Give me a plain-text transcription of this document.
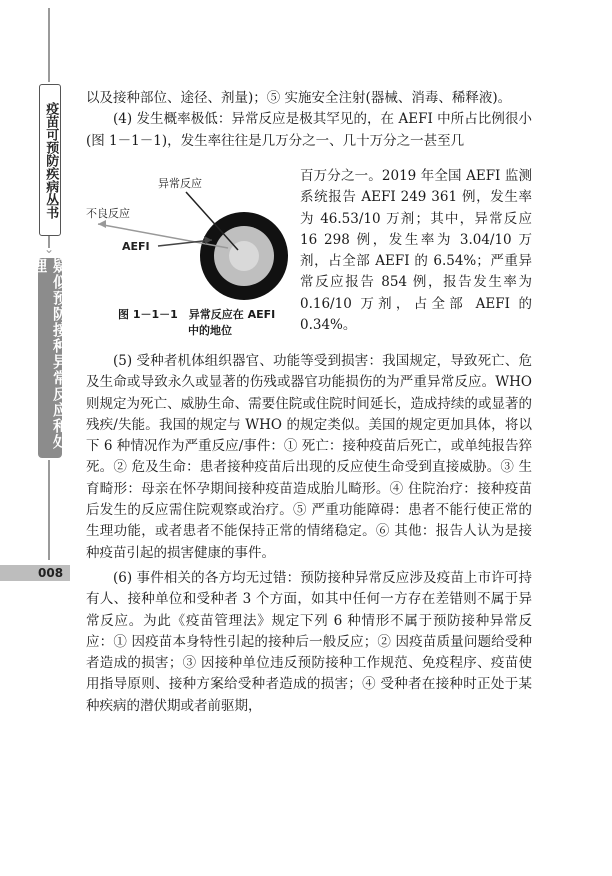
疫苗可预防疾病丛书
⌄
疑似预防接种异常反应和处理
008

以及接种部位、途径、剂量)；⑤ 实施安全注射(器械、消毒、稀释液)。

(4) 发生概率极低：异常反应是极其罕见的，在 AEFI 中所占比例很小(图 1－1－1)，发生率往往是几万分之一、几十万分之一甚至几

异常反应
不良反应
AEFI
图 1－1－1　异常反应在 AEFI
中的地位

百万分之一。2019 年全国 AEFI 监测系统报告 AEFI 249 361 例，发生率为 46.53/10 万剂；其中，异常反应 16 298 例，发生率为 3.04/10 万剂，占全部 AEFI 的 6.54%；严重异常反应报告 854 例，报告发生率为 0.16/10 万剂，占全部 AEFI 的 0.34%。

(5) 受种者机体组织器官、功能等受到损害：我国规定，导致死亡、危及生命或导致永久或显著的伤残或器官功能损伤的为严重异常反应。WHO 则规定为死亡、威胁生命、需要住院或住院时间延长，造成持续的或显著的残疾/失能。我国的规定与 WHO 的规定类似。美国的规定更加具体，将以下 6 种情况作为严重反应/事件：① 死亡：接种疫苗后死亡，或单纯报告猝死。② 危及生命：患者接种疫苗后出现的反应使生命受到直接威胁。③ 生育畸形：母亲在怀孕期间接种疫苗造成胎儿畸形。④ 住院治疗：接种疫苗后发生的反应需住院观察或治疗。⑤ 严重功能障碍：患者不能行使正常的生理功能，或者患者不能保持正常的情绪稳定。⑥ 其他：报告人认为是接种疫苗引起的损害健康的事件。

(6) 事件相关的各方均无过错：预防接种异常反应涉及疫苗上市许可持有人、接种单位和受种者 3 个方面，如其中任何一方存在差错则不属于异常反应。为此《疫苗管理法》规定下列 6 种情形不属于预防接种异常反应：① 因疫苗本身特性引起的接种后一般反应；② 因疫苗质量问题给受种者造成的损害；③ 因接种单位违反预防接种工作规范、免疫程序、疫苗使用指导原则、接种方案给受种者造成的损害；④ 受种者在接种时正处于某种疾病的潜伏期或者前驱期，
